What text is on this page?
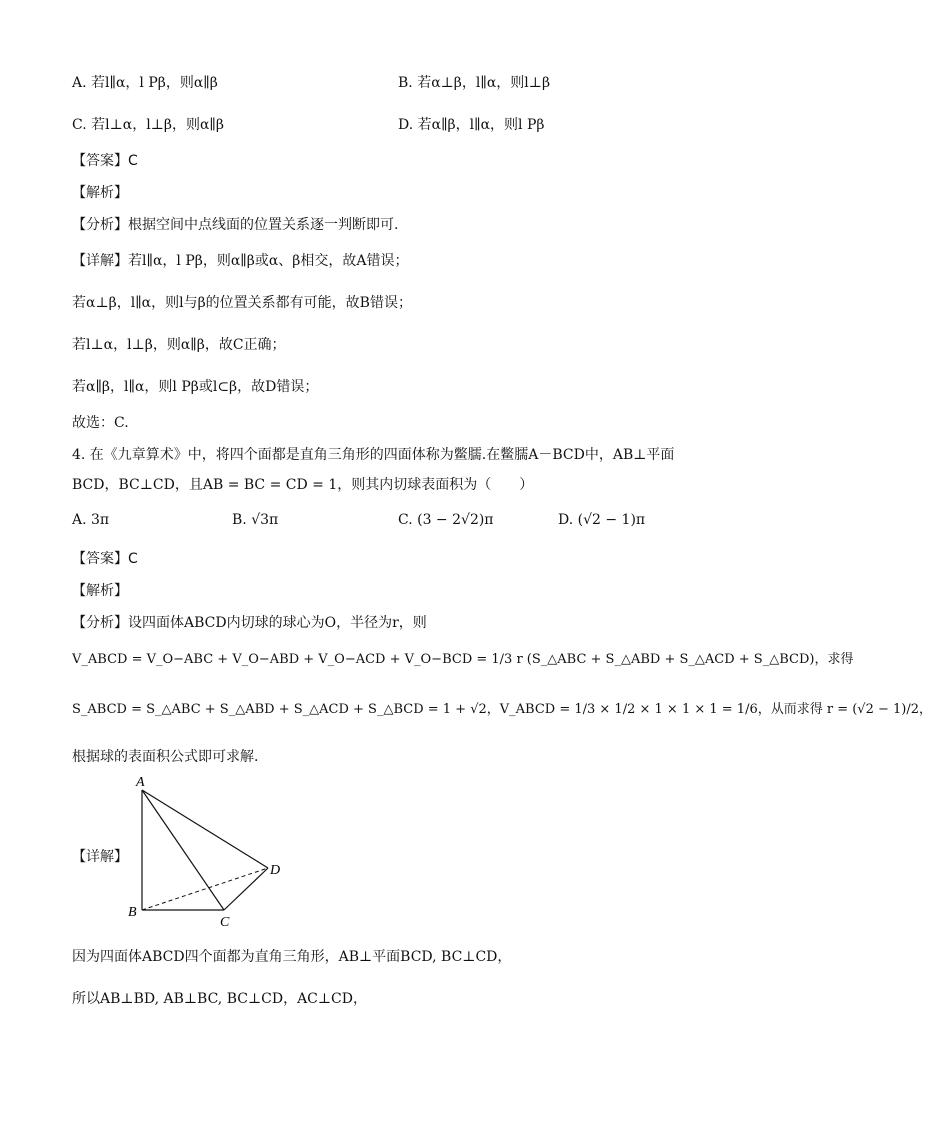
A. 若l∥α，l Pβ，则α∥β	B. 若α⊥β，l∥α，则l⊥β
C. 若l⊥α，l⊥β，则α∥β	D. 若α∥β，l∥α，则l Pβ
【答案】C
【解析】
【分析】根据空间中点线面的位置关系逐一判断即可.
【详解】若l∥α，l Pβ，则α∥β或α、β相交，故A错误；
若α⊥β，l∥α，则l与β的位置关系都有可能，故B错误；
若l⊥α，l⊥β，则α∥β，故C正确；
若α∥β，l∥α，则l Pβ或l⊂β，故D错误；
故选：C.
4. 在《九章算术》中，将四个面都是直角三角形的四面体称为鳖臑.在鳖臑A－BCD中，AB⊥平面
BCD，BC⊥CD，且AB = BC = CD = 1，则其内切球表面积为（　　）
A. 3π	B. √3π	C. (3 − 2√2)π	D. (√2 − 1)π
【答案】C
【解析】
【分析】设四面体ABCD内切球的球心为O，半径为r，则
V_ABCD = V_O−ABC + V_O−ABD + V_O−ACD + V_O−BCD = 1/3 r (S_△ABC + S_△ABD + S_△ACD + S_△BCD)，求得
S_ABCD = S_△ABC + S_△ABD + S_△ACD + S_△BCD = 1 + √2，V_ABCD = 1/3 × 1/2 × 1 × 1 × 1 = 1/6，从而求得 r = (√2 − 1)/2，
根据球的表面积公式即可求解.
【详解】
A
B
C
D
因为四面体ABCD四个面都为直角三角形，AB⊥平面BCD, BC⊥CD，
所以AB⊥BD, AB⊥BC, BC⊥CD，AC⊥CD，
